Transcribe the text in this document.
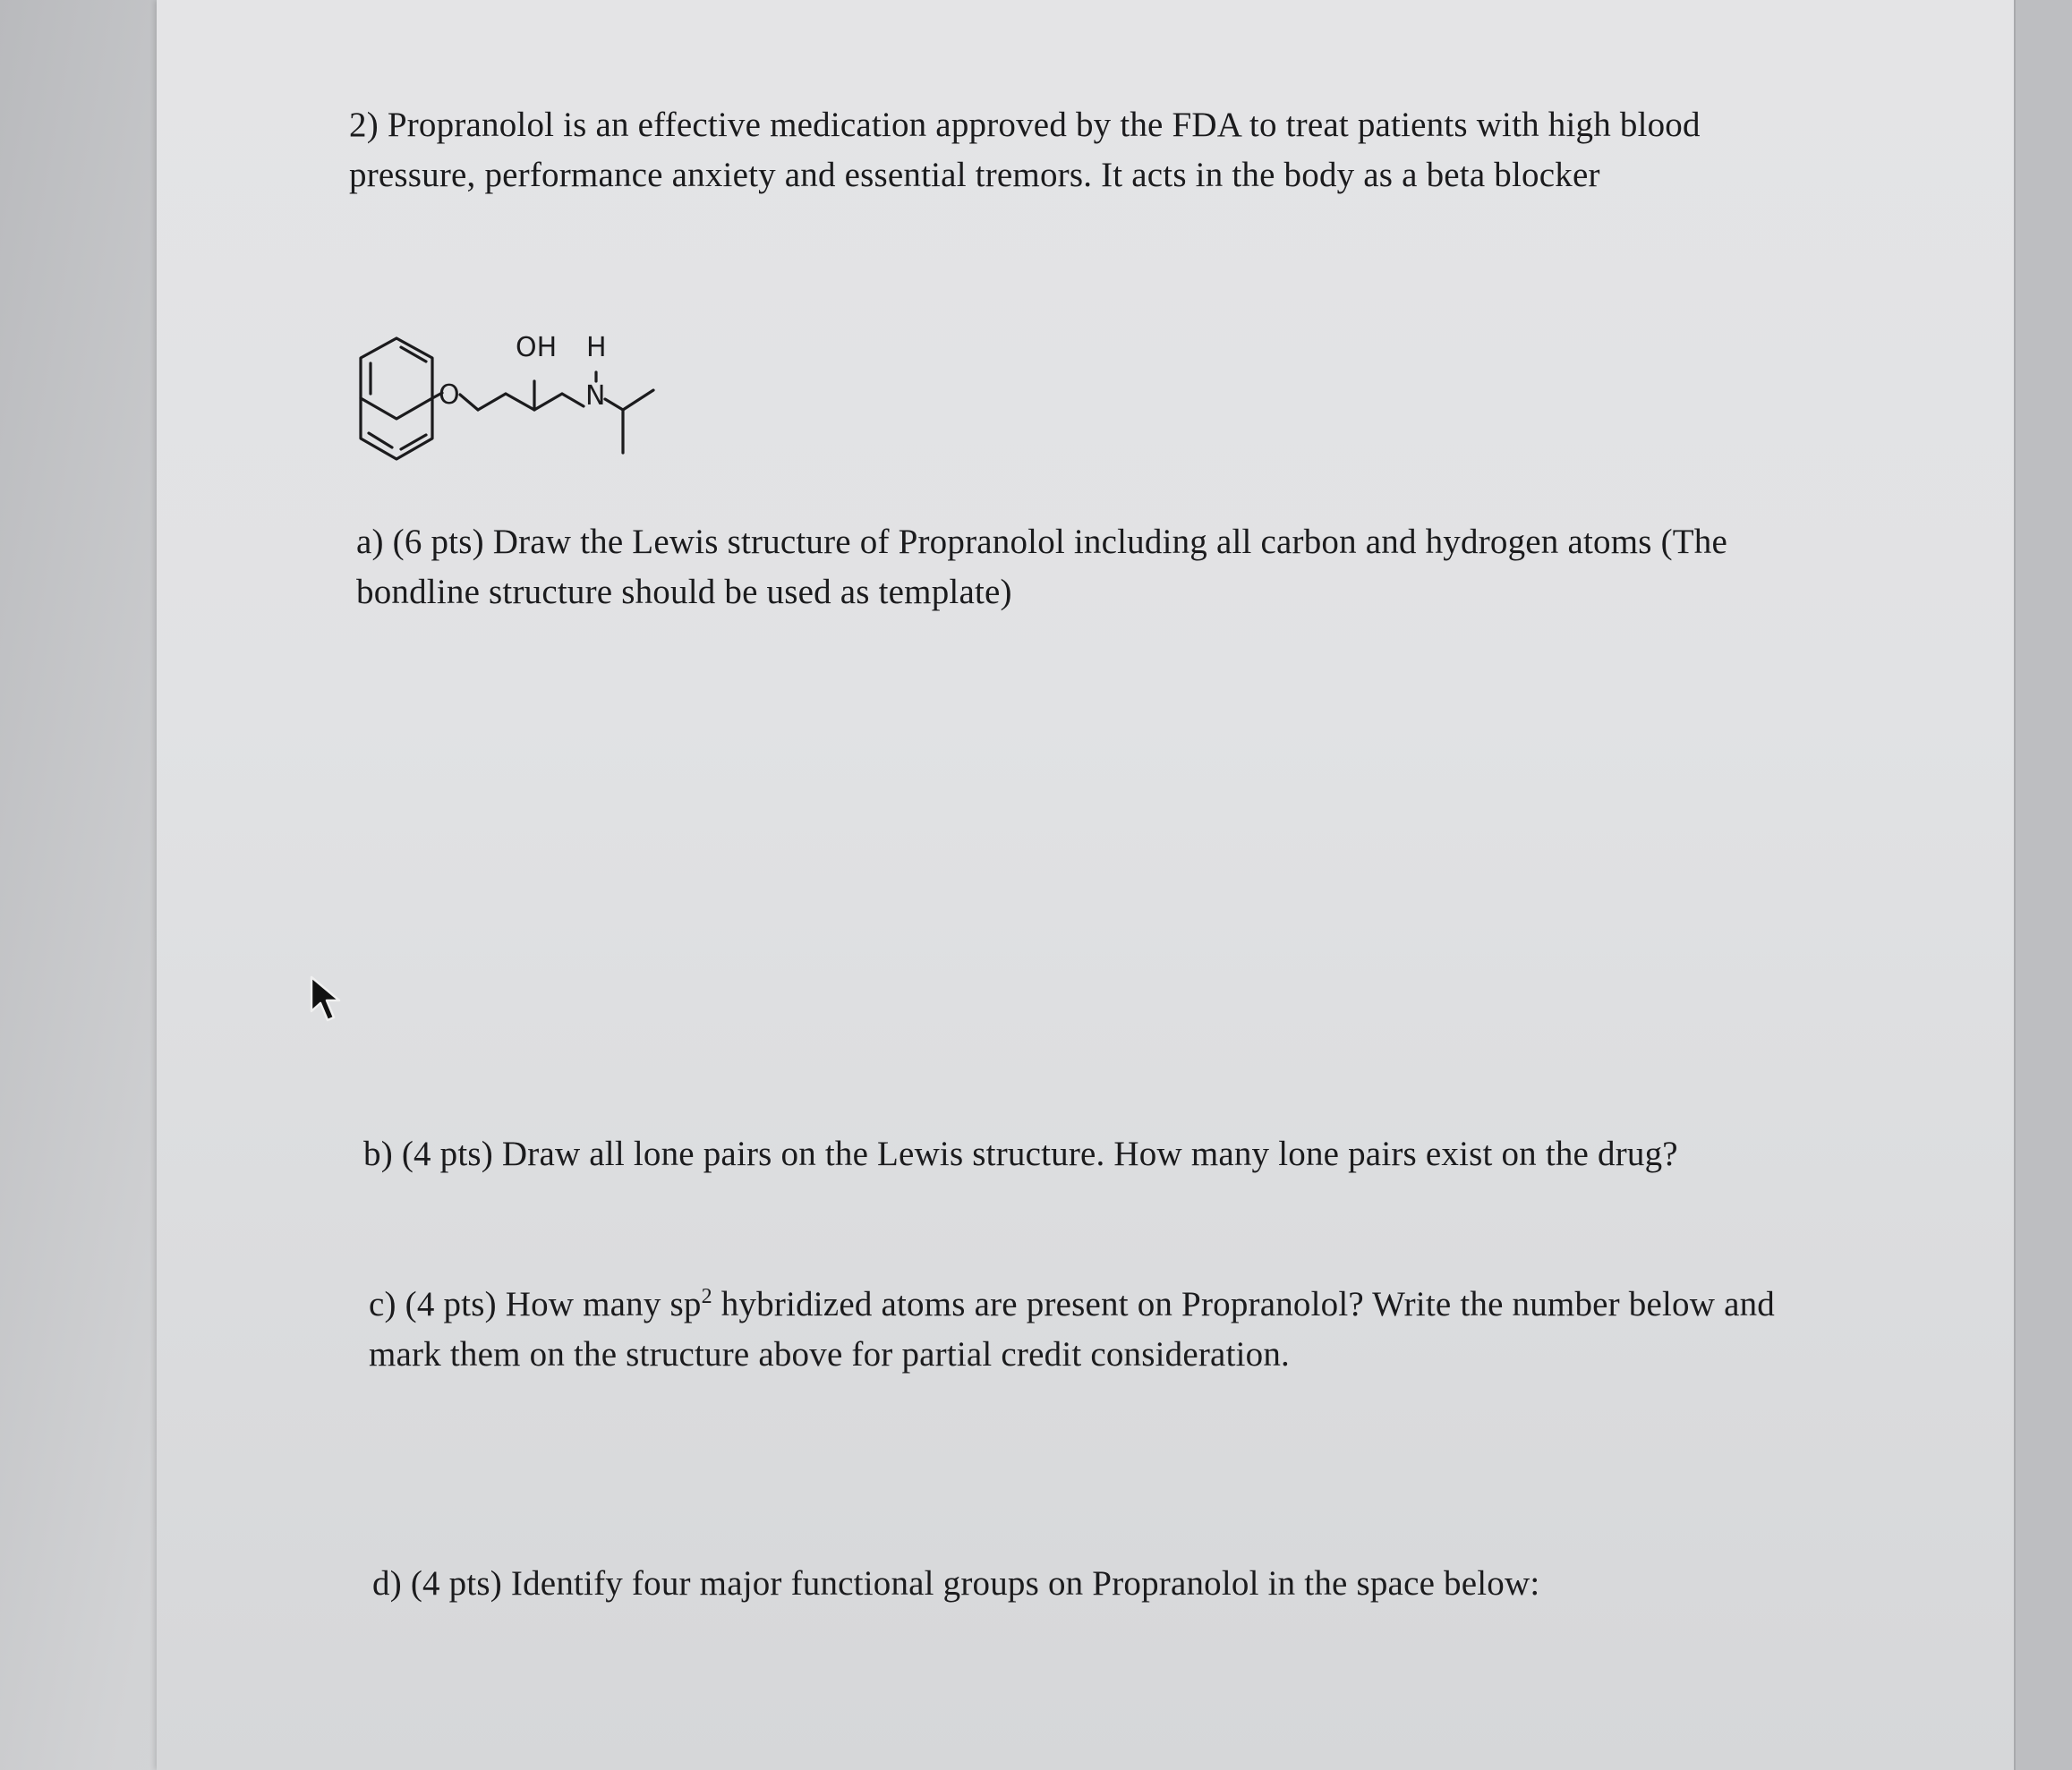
2) Propranolol is an effective medication approved by the FDA to treat patients with high blood pressure, performance anxiety and essential tremors. It acts in the body as a beta blocker

O
OH H
N

a) (6 pts) Draw the Lewis structure of Propranolol including all carbon and hydrogen atoms (The bondline structure should be used as template)

b) (4 pts) Draw all lone pairs on the Lewis structure. How many lone pairs exist on the drug?

c) (4 pts) How many $sp^2$ hybridized atoms are present on Propranolol? Write the number below and mark them on the structure above for partial credit consideration.

d) (4 pts) Identify four major functional groups on Propranolol in the space below:
